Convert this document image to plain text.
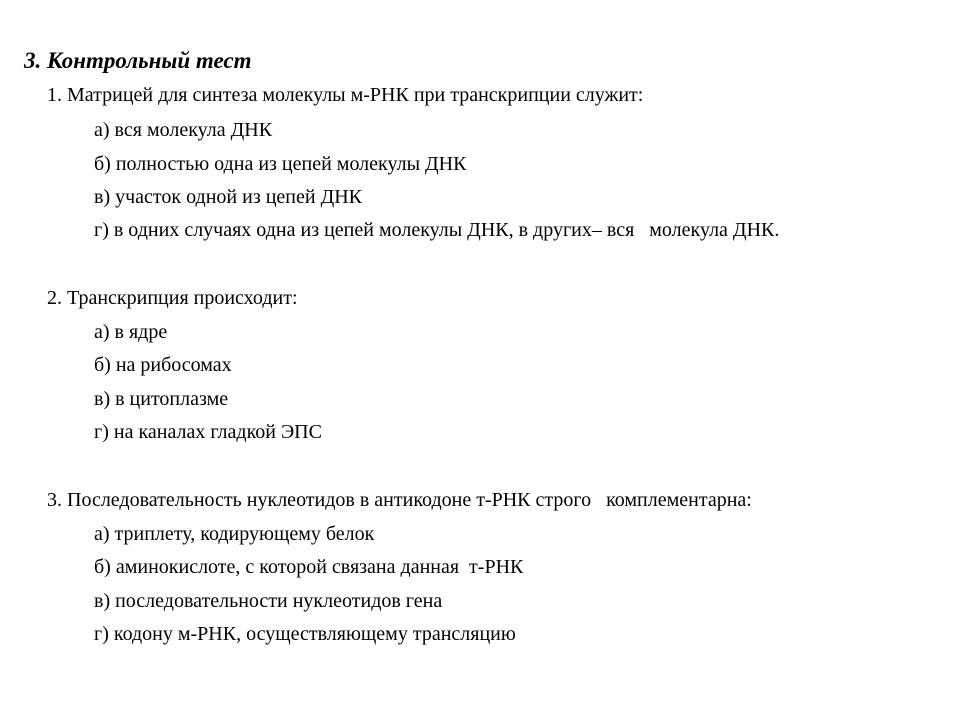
3. Контрольный тест
1. Матрицей для синтеза молекулы м-РНК при транскрипции служит:
а) вся молекула ДНК
б) полностью одна из цепей молекулы ДНК
в) участок одной из цепей ДНК
г) в одних случаях одна из цепей молекулы ДНК, в других– вся   молекула ДНК.
2. Транскрипция происходит:
а) в ядре
б) на рибосомах
в) в цитоплазме
г) на каналах гладкой ЭПС
3. Последовательность нуклеотидов в антикодоне т-РНК строго   комплементарна:
а) триплету, кодирующему белок
б) аминокислоте, с которой связана данная  т-РНК
в) последовательности нуклеотидов гена
г) кодону м-РНК, осуществляющему трансляцию
